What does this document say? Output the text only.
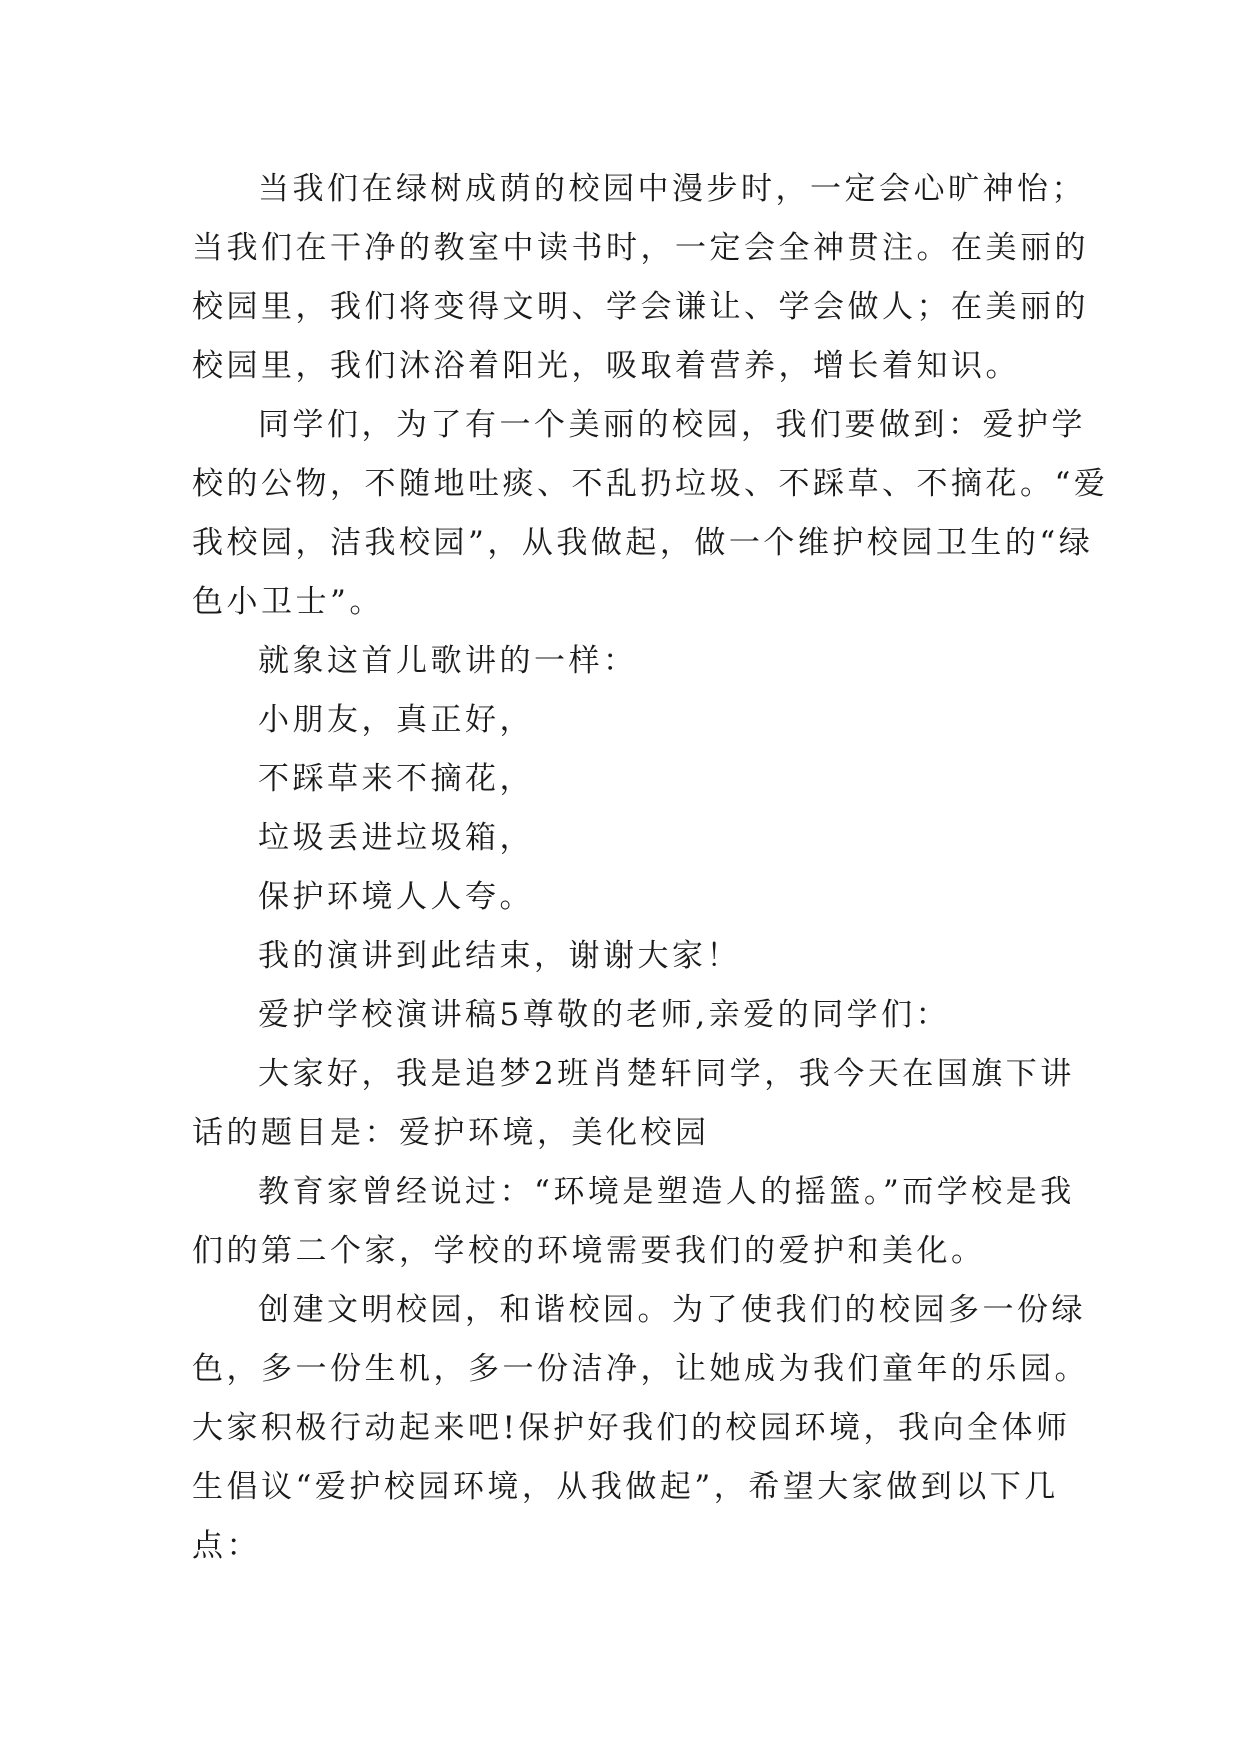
当我们在绿树成荫的校园中漫步时，一定会心旷神怡；
当我们在干净的教室中读书时，一定会全神贯注。在美丽的
校园里，我们将变得文明、学会谦让、学会做人；在美丽的
校园里，我们沐浴着阳光，吸取着营养，增长着知识。

同学们，为了有一个美丽的校园，我们要做到：爱护学
校的公物，不随地吐痰、不乱扔垃圾、不踩草、不摘花。“爱
我校园，洁我校园”，从我做起，做一个维护校园卫生的“绿
色小卫士”。

就象这首儿歌讲的一样：

小朋友，真正好，

不踩草来不摘花，

垃圾丢进垃圾箱，

保护环境人人夸。

我的演讲到此结束，谢谢大家！

爱护学校演讲稿5尊敬的老师,亲爱的同学们：

大家好，我是追梦2班肖楚轩同学，我今天在国旗下讲
话的题目是：爱护环境，美化校园

教育家曾经说过：“环境是塑造人的摇篮。”而学校是我
们的第二个家，学校的环境需要我们的爱护和美化。

创建文明校园，和谐校园。为了使我们的校园多一份绿
色，多一份生机，多一份洁净，让她成为我们童年的乐园。
大家积极行动起来吧!保护好我们的校园环境，我向全体师
生倡议“爱护校园环境，从我做起”，希望大家做到以下几
点：
